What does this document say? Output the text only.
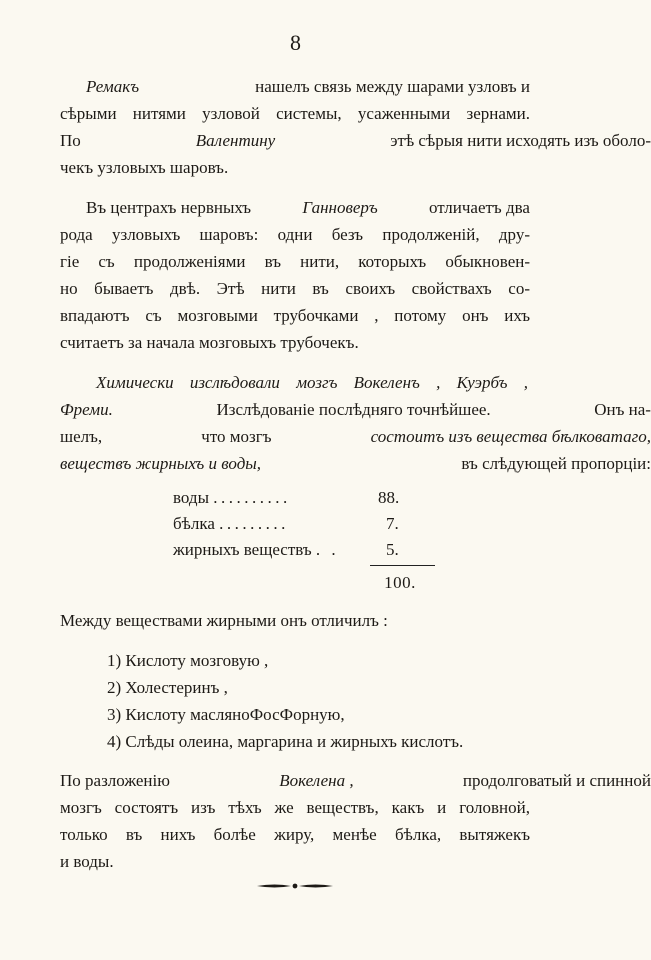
8
Ремакъ	нашелъ связь между шарами узловъ и
сѣрыми нитями узловой системы, усаженными зернами.
По	Валентину	этѣ сѣрыя нити исходять изъ оболо-
чекъ узловыхъ шаровъ.
Въ центрахъ нервныхъ	Ганноверъ	отличаетъ два
рода узловыхъ шаровъ: одни безъ продолженій, дру-
гіе съ продолженіями въ нити, которыхъ обыкновен-
но бываетъ двѣ. Этѣ нити въ своихъ свойствахъ со-
впадаютъ съ мозговыми трубочками , потому онъ ихъ
считаетъ за начала мозговыхъ трубочекъ.
Химически изслѣдовали мозгъ Вокеленъ , Куэрбъ ,
Фреми.	Изслѣдованіе послѣдняго точнѣйшее.	Онъ на-
шелъ,	что мозгъ	состоитъ изъ вещества бѣлковатаго,
веществъ жирныхъ и воды,	въ слѣдующей пропорціи:
воды ..........	88.
бѣлка .........	7.
жирныхъ веществъ . .	5.
100.
Между веществами жирными онъ отличилъ :
1) Кислоту мозговую ,
2) Холестеринъ ,
3) Кислоту масляноФосФорную,
4) Слѣды олеина, маргарина и жирныхъ кислотъ.
По разложенію	Вокелена ,	продолговатый и спинной
мозгъ состоятъ изъ тѣхъ же веществъ, какъ и головной,
только въ нихъ болѣе жиру, менѣе бѣлка, вытяжекъ
и воды.
